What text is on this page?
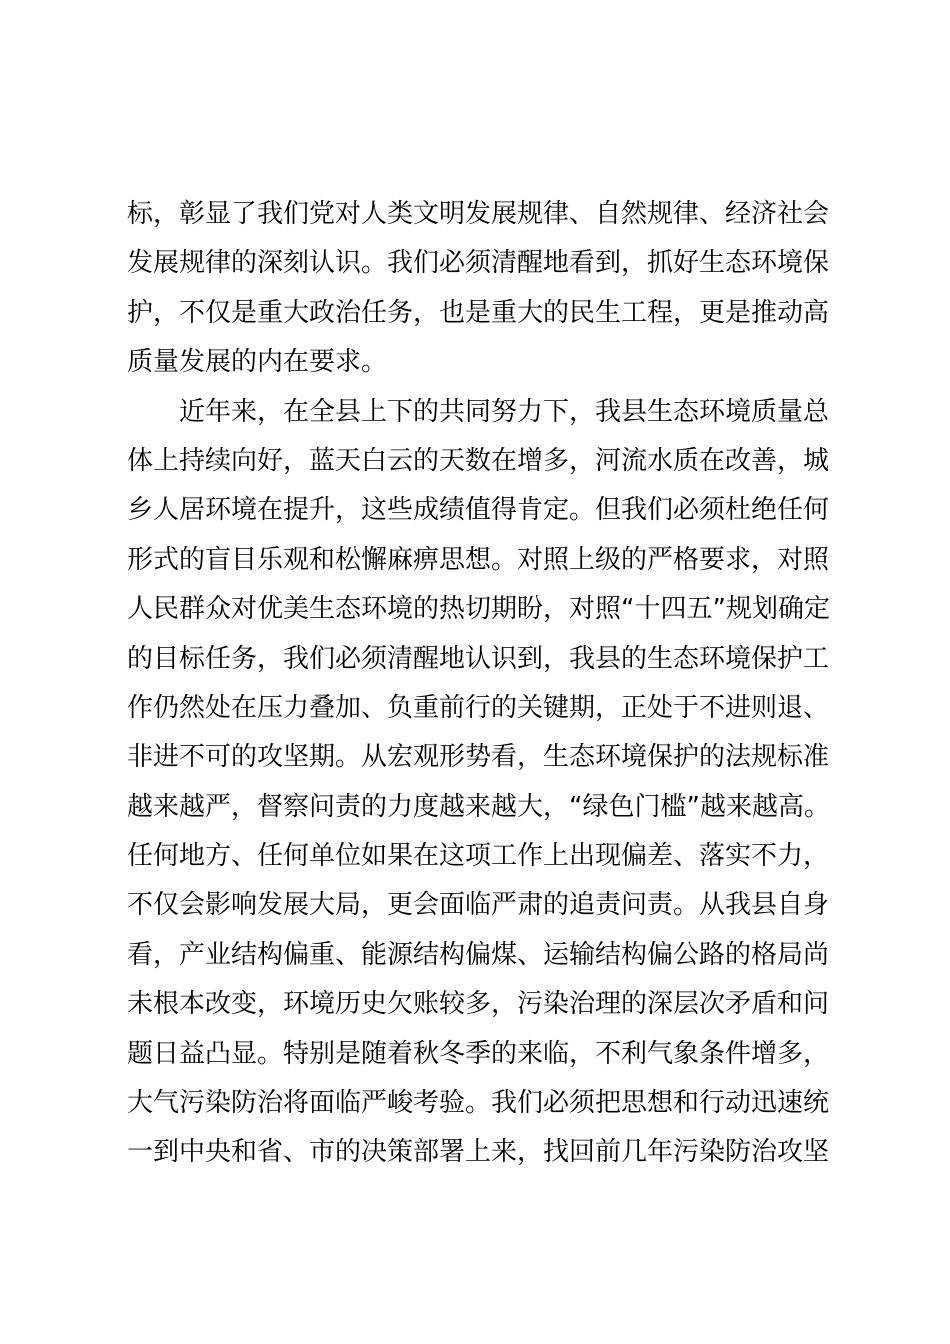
标，彰显了我们党对人类文明发展规律、自然规律、经济社会
发展规律的深刻认识。我们必须清醒地看到，抓好生态环境保
护，不仅是重大政治任务，也是重大的民生工程，更是推动高
质量发展的内在要求。
近年来，在全县上下的共同努力下，我县生态环境质量总
体上持续向好，蓝天白云的天数在增多，河流水质在改善，城
乡人居环境在提升，这些成绩值得肯定。但我们必须杜绝任何
形式的盲目乐观和松懈麻痹思想。对照上级的严格要求，对照
人民群众对优美生态环境的热切期盼，对照“十四五”规划确定
的目标任务，我们必须清醒地认识到，我县的生态环境保护工
作仍然处在压力叠加、负重前行的关键期，正处于不进则退、
非进不可的攻坚期。从宏观形势看，生态环境保护的法规标准
越来越严，督察问责的力度越来越大，“绿色门槛”越来越高。
任何地方、任何单位如果在这项工作上出现偏差、落实不力，
不仅会影响发展大局，更会面临严肃的追责问责。从我县自身
看，产业结构偏重、能源结构偏煤、运输结构偏公路的格局尚
未根本改变，环境历史欠账较多，污染治理的深层次矛盾和问
题日益凸显。特别是随着秋冬季的来临，不利气象条件增多，
大气污染防治将面临严峻考验。我们必须把思想和行动迅速统
一到中央和省、市的决策部署上来，找回前几年污染防治攻坚
